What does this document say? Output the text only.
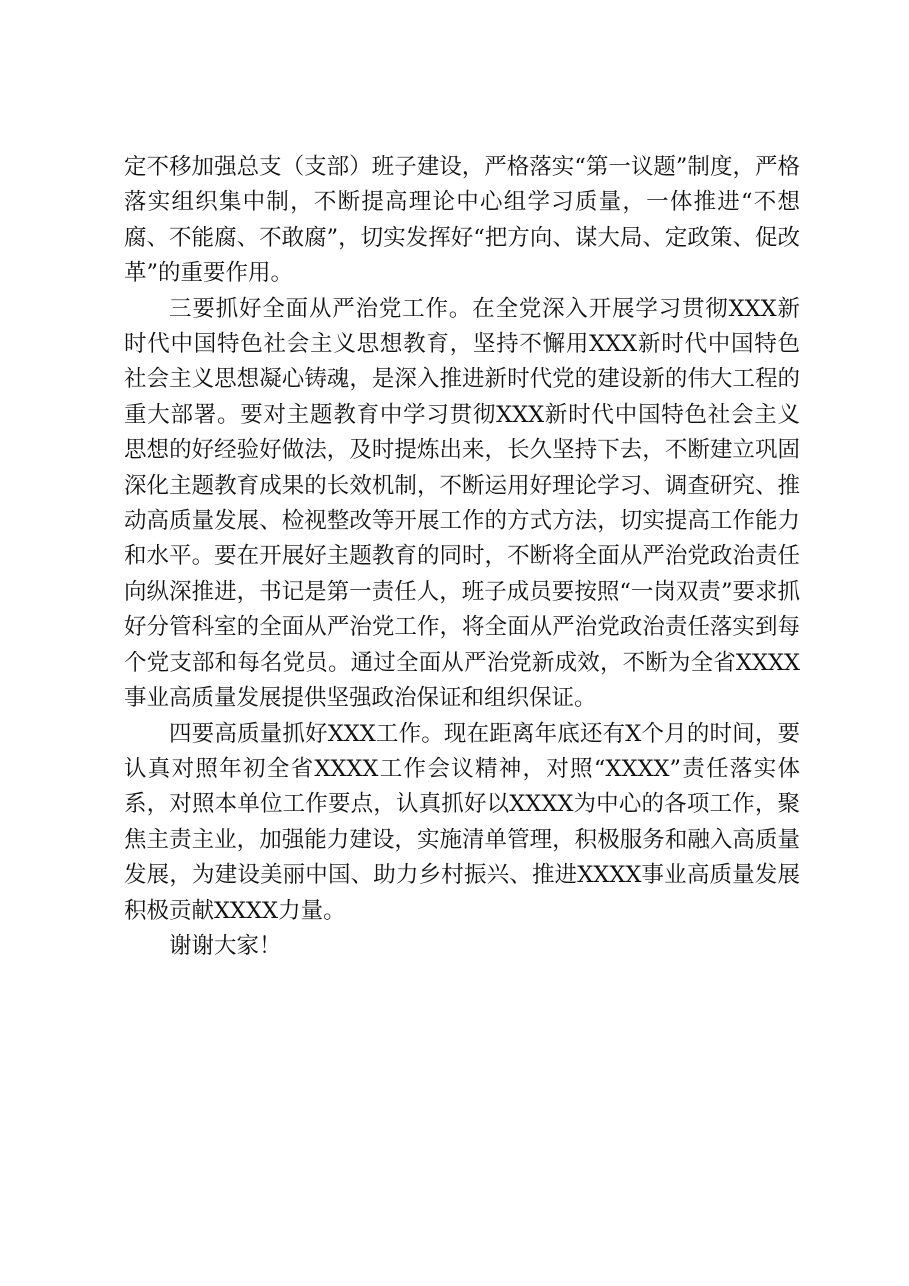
定不移加强总支（支部）班子建设，严格落实“第一议题”制度，严格落实组织集中制，不断提高理论中心组学习质量，一体推进“不想腐、不能腐、不敢腐”，切实发挥好“把方向、谋大局、定政策、促改革”的重要作用。

三要抓好全面从严治党工作。在全党深入开展学习贯彻XXX新时代中国特色社会主义思想教育，坚持不懈用XXX新时代中国特色社会主义思想凝心铸魂，是深入推进新时代党的建设新的伟大工程的重大部署。要对主题教育中学习贯彻XXX新时代中国特色社会主义思想的好经验好做法，及时提炼出来，长久坚持下去，不断建立巩固深化主题教育成果的长效机制，不断运用好理论学习、调查研究、推动高质量发展、检视整改等开展工作的方式方法，切实提高工作能力和水平。要在开展好主题教育的同时，不断将全面从严治党政治责任向纵深推进，书记是第一责任人，班子成员要按照“一岗双责”要求抓好分管科室的全面从严治党工作，将全面从严治党政治责任落实到每个党支部和每名党员。通过全面从严治党新成效，不断为全省XXXX事业高质量发展提供坚强政治保证和组织保证。

四要高质量抓好XXX工作。现在距离年底还有X个月的时间，要认真对照年初全省XXXX工作会议精神，对照“XXXX”责任落实体系，对照本单位工作要点，认真抓好以XXXX为中心的各项工作，聚焦主责主业，加强能力建设，实施清单管理，积极服务和融入高质量发展，为建设美丽中国、助力乡村振兴、推进XXXX事业高质量发展积极贡献XXXX力量。

谢谢大家！
